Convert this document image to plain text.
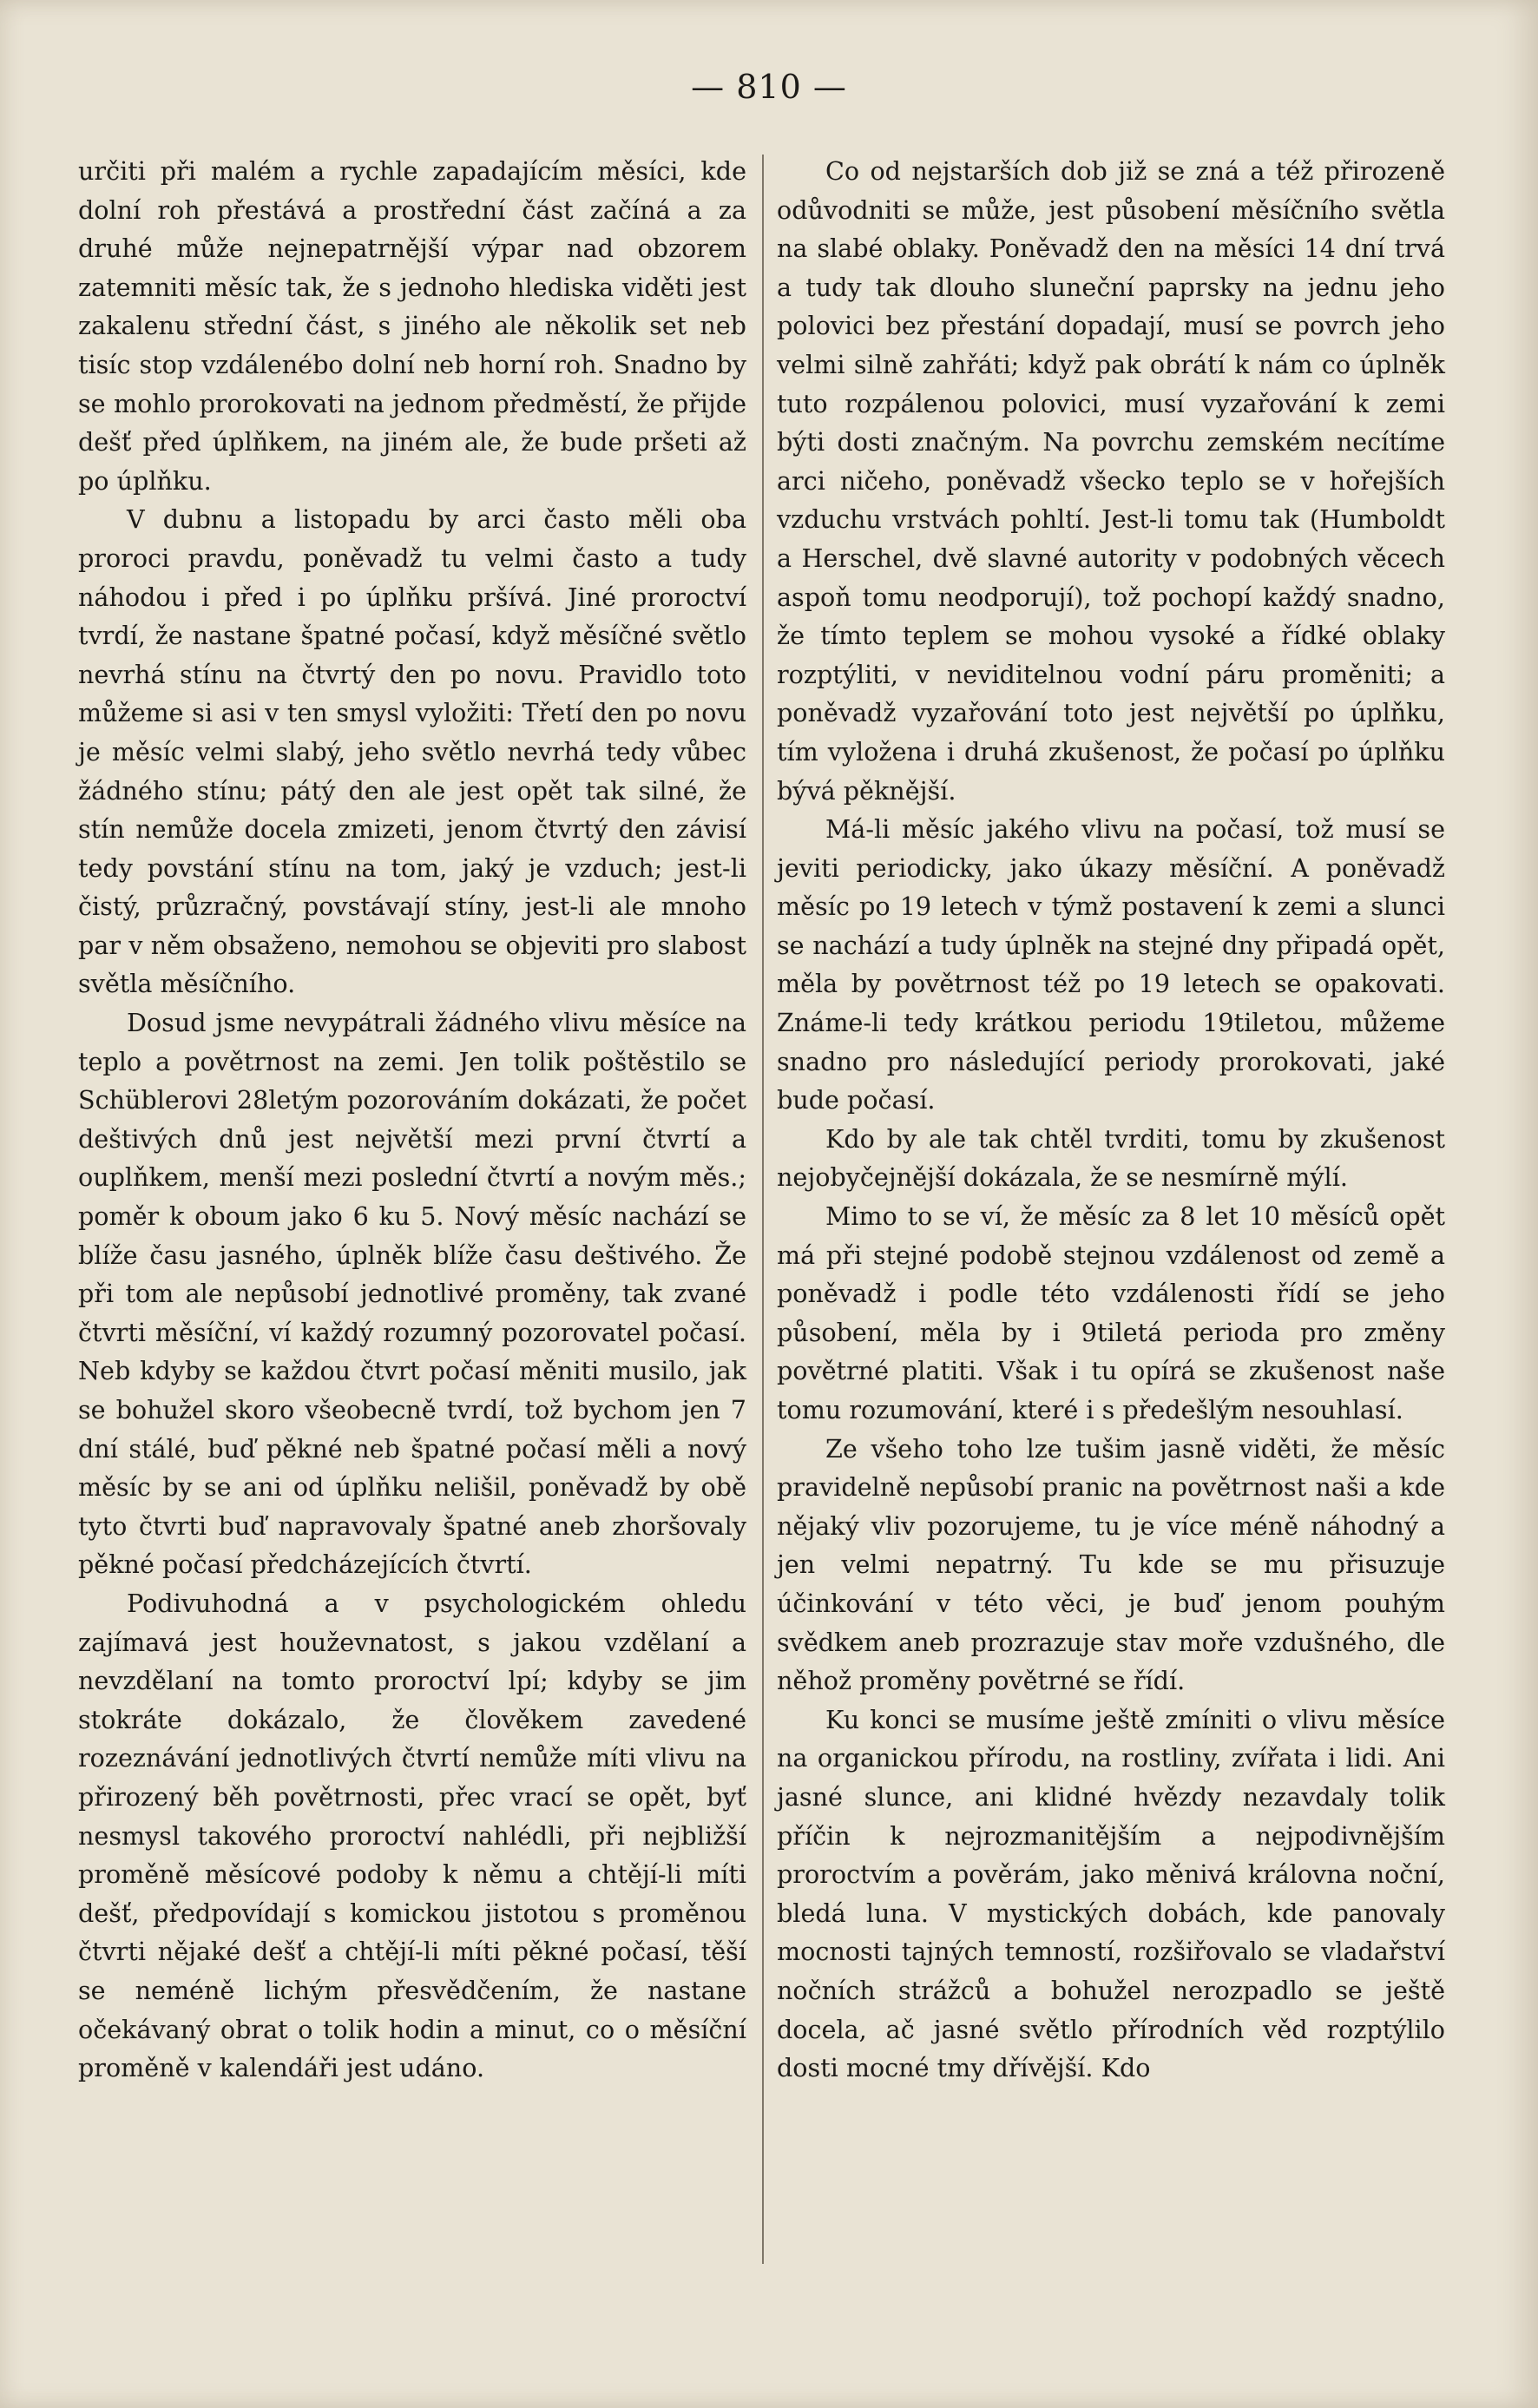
— 810 —

určiti při malém a rychle zapadajícím měsíci, kde dolní roh přestává a prostřední část začíná a za druhé může nejnepatrnější výpar nad obzorem zatemniti měsíc tak, že s jednoho hlediska viděti jest zakalenu střední část, s jiného ale několik set neb tisíc stop vzdálenébo dolní neb horní roh. Snadno by se mohlo prorokovati na jednom předměstí, že přijde dešť před úplňkem, na jiném ale, že bude pršeti až po úplňku.

V dubnu a listopadu by arci často měli oba proroci pravdu, poněvadž tu velmi často a tudy náhodou i před i po úplňku pršívá. Jiné proroctví tvrdí, že nastane špatné počasí, když měsíčné světlo nevrhá stínu na čtvrtý den po novu. Pravidlo toto můžeme si asi v ten smysl vyložiti: Třetí den po novu je měsíc velmi slabý, jeho světlo nevrhá tedy vůbec žádného stínu; pátý den ale jest opět tak silné, že stín nemůže docela zmizeti, jenom čtvrtý den závisí tedy povstání stínu na tom, jaký je vzduch; jest-li čistý, průzračný, povstávají stíny, jest-li ale mnoho par v něm obsaženo, nemohou se objeviti pro slabost světla měsíčního.

Dosud jsme nevypátrali žádného vlivu měsíce na teplo a povětrnost na zemi. Jen tolik poštěstilo se Schüblerovi 28letým pozorováním dokázati, že počet deštivých dnů jest největší mezi první čtvrtí a ouplňkem, menší mezi poslední čtvrtí a novým měs.; poměr k oboum jako 6 ku 5. Nový měsíc nachází se blíže času jasného, úplněk blíže času deštivého. Že při tom ale nepůsobí jednotlivé proměny, tak zvané čtvrti měsíční, ví každý rozumný pozorovatel počasí. Neb kdyby se každou čtvrt počasí měniti musilo, jak se bohužel skoro všeobecně tvrdí, tož bychom jen 7 dní stálé, buď pěkné neb špatné počasí měli a nový měsíc by se ani od úplňku nelišil, poněvadž by obě tyto čtvrti buď napravovaly špatné aneb zhoršovaly pěkné počasí předcházejících čtvrtí.

Podivuhodná a v psychologickém ohledu zajímavá jest houževnatost, s jakou vzdělaní a nevzdělaní na tomto proroctví lpí; kdyby se jim stokráte dokázalo, že člověkem zavedené rozeznávání jednotlivých čtvrtí nemůže míti vlivu na přirozený běh povětrnosti, přec vrací se opět, byť nesmysl takového proroctví nahlédli, při nejbližší proměně měsícové podoby k němu a chtějí-li míti dešť, předpovídají s komickou jistotou s proměnou čtvrti nějaké dešť a chtějí-li míti pěkné počasí, těší se neméně lichým přesvědčením, že nastane očekávaný obrat o tolik hodin a minut, co o měsíční proměně v kalendáři jest udáno.

Co od nejstarších dob již se zná a též přirozeně odůvodniti se může, jest působení měsíčního světla na slabé oblaky. Poněvadž den na měsíci 14 dní trvá a tudy tak dlouho sluneční paprsky na jednu jeho polovici bez přestání dopadají, musí se povrch jeho velmi silně zahřáti; když pak obrátí k nám co úplněk tuto rozpálenou polovici, musí vyzařování k zemi býti dosti značným. Na povrchu zemském necítíme arci ničeho, poněvadž všecko teplo se v hořejších vzduchu vrstvách pohltí. Jest-li tomu tak (Humboldt a Herschel, dvě slavné autority v podobných věcech aspoň tomu neodporují), tož pochopí každý snadno, že tímto teplem se mohou vysoké a řídké oblaky rozptýliti, v neviditelnou vodní páru proměniti; a poněvadž vyzařování toto jest největší po úplňku, tím vyložena i druhá zkušenost, že počasí po úplňku bývá pěknější.

Má-li měsíc jakého vlivu na počasí, tož musí se jeviti periodicky, jako úkazy měsíční. A poněvadž měsíc po 19 letech v týmž postavení k zemi a slunci se nachází a tudy úplněk na stejné dny připadá opět, měla by povětrnost též po 19 letech se opakovati. Známe-li tedy krátkou periodu 19tiletou, můžeme snadno pro následující periody prorokovati, jaké bude počasí.

Kdo by ale tak chtěl tvrditi, tomu by zkušenost nejobyčejnější dokázala, že se nesmírně mýlí.

Mimo to se ví, že měsíc za 8 let 10 měsíců opět má při stejné podobě stejnou vzdálenost od země a poněvadž i podle této vzdálenosti řídí se jeho působení, měla by i 9tiletá perioda pro změny povětrné platiti. Však i tu opírá se zkušenost naše tomu rozumování, které i s předešlým nesouhlasí.

Ze všeho toho lze tušim jasně viděti, že měsíc pravidelně nepůsobí pranic na povětrnost naši a kde nějaký vliv pozorujeme, tu je více méně náhodný a jen velmi nepatrný. Tu kde se mu přisuzuje účinkování v této věci, je buď jenom pouhým svědkem aneb prozrazuje stav moře vzdušného, dle něhož proměny povětrné se řídí.

Ku konci se musíme ještě zmíniti o vlivu měsíce na organickou přírodu, na rostliny, zvířata i lidi. Ani jasné slunce, ani klidné hvězdy nezavdaly tolik příčin k nejrozmanitějším a nejpodivnějším proroctvím a pověrám, jako měnivá královna noční, bledá luna. V mystických dobách, kde panovaly mocnosti tajných temností, rozšiřovalo se vladařství nočních strážců a bohužel nerozpadlo se ještě docela, ač jasné světlo přírodních věd rozptýlilo dosti mocné tmy dřívější. Kdo
